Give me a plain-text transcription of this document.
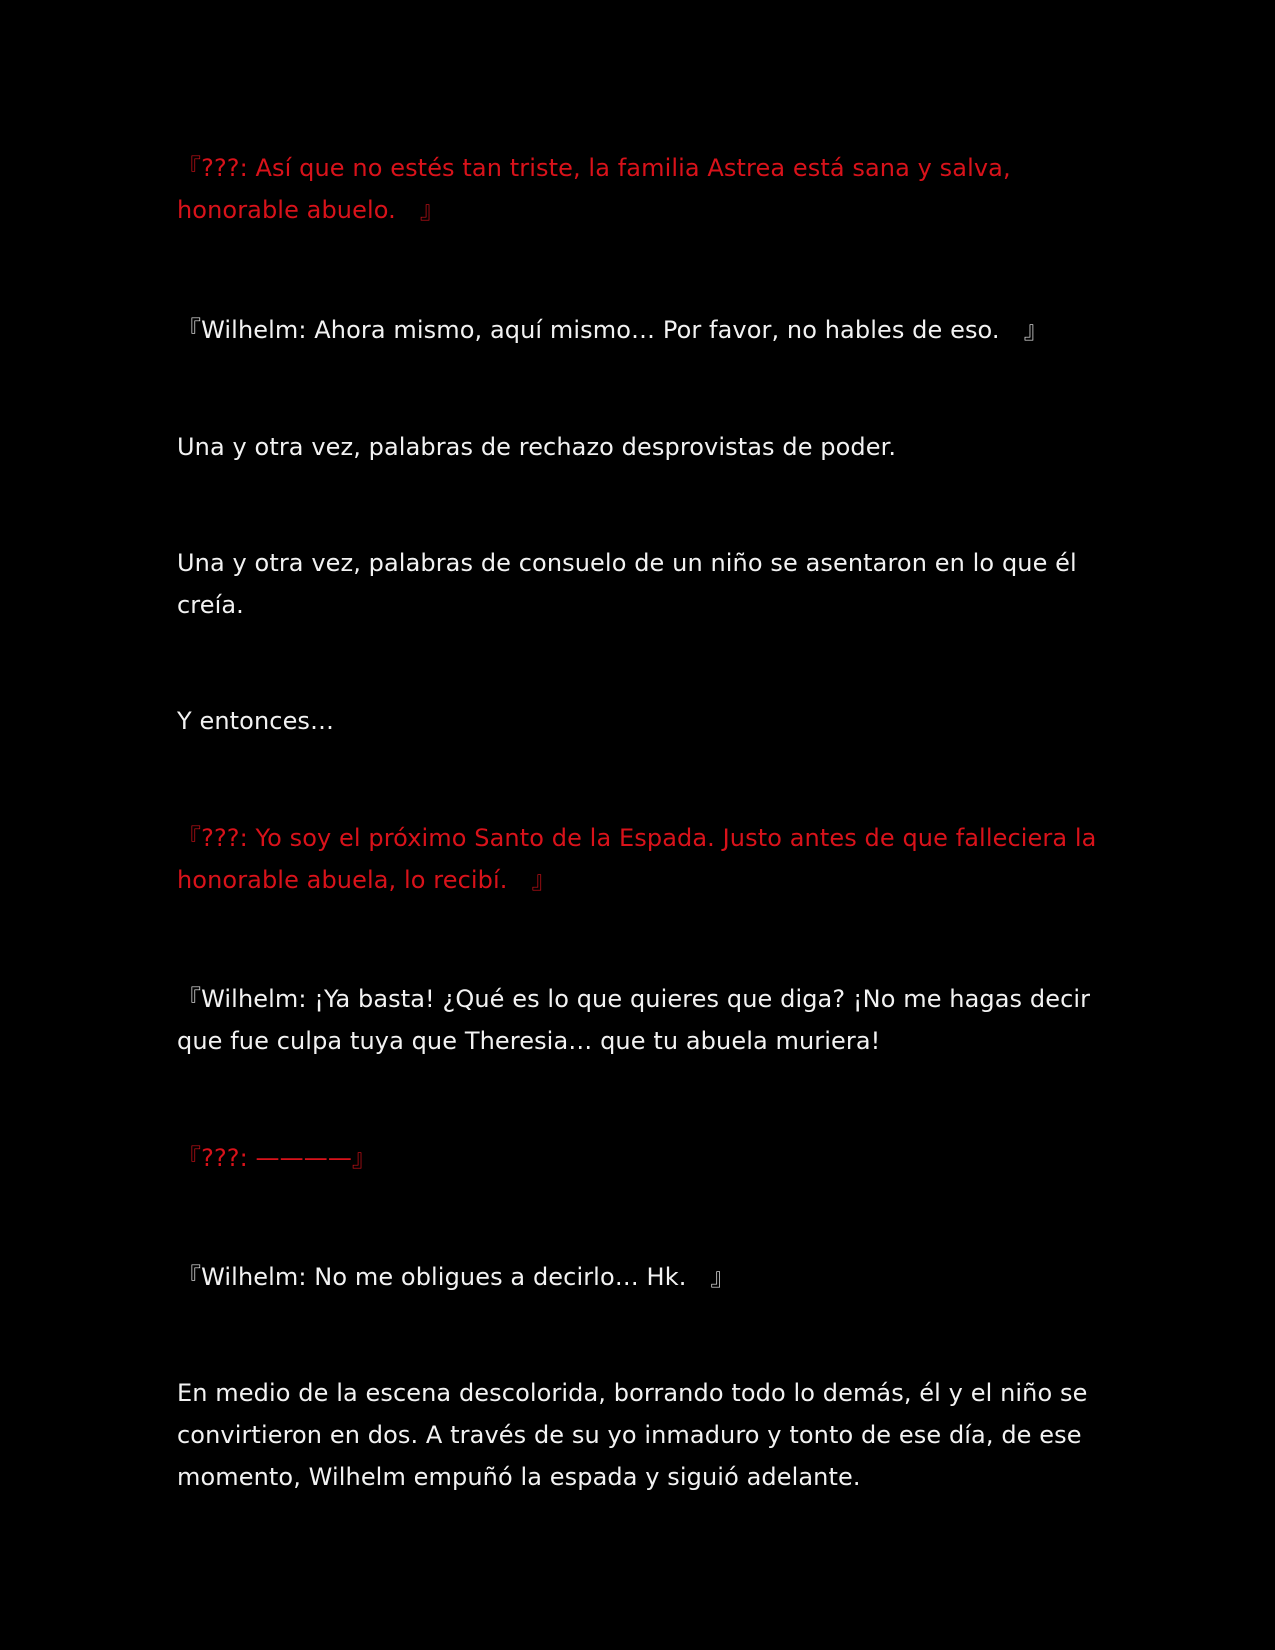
『???: Así que no estés tan triste, la familia Astrea está sana y salva, honorable abuelo.　』

『Wilhelm: Ahora mismo, aquí mismo… Por favor, no hables de eso.　』

Una y otra vez, palabras de rechazo desprovistas de poder.

Una y otra vez, palabras de consuelo de un niño se asentaron en lo que él creía.

Y entonces…

『???: Yo soy el próximo Santo de la Espada. Justo antes de que falleciera la honorable abuela, lo recibí.　』

『Wilhelm: ¡Ya basta! ¿Qué es lo que quieres que diga? ¡No me hagas decir que fue culpa tuya que Theresia… que tu abuela muriera!

『???: ————』

『Wilhelm: No me obligues a decirlo… Hk.　』

En medio de la escena descolorida, borrando todo lo demás, él y el niño se convirtieron en dos. A través de su yo inmaduro y tonto de ese día, de ese momento, Wilhelm empuñó la espada y siguió adelante.
